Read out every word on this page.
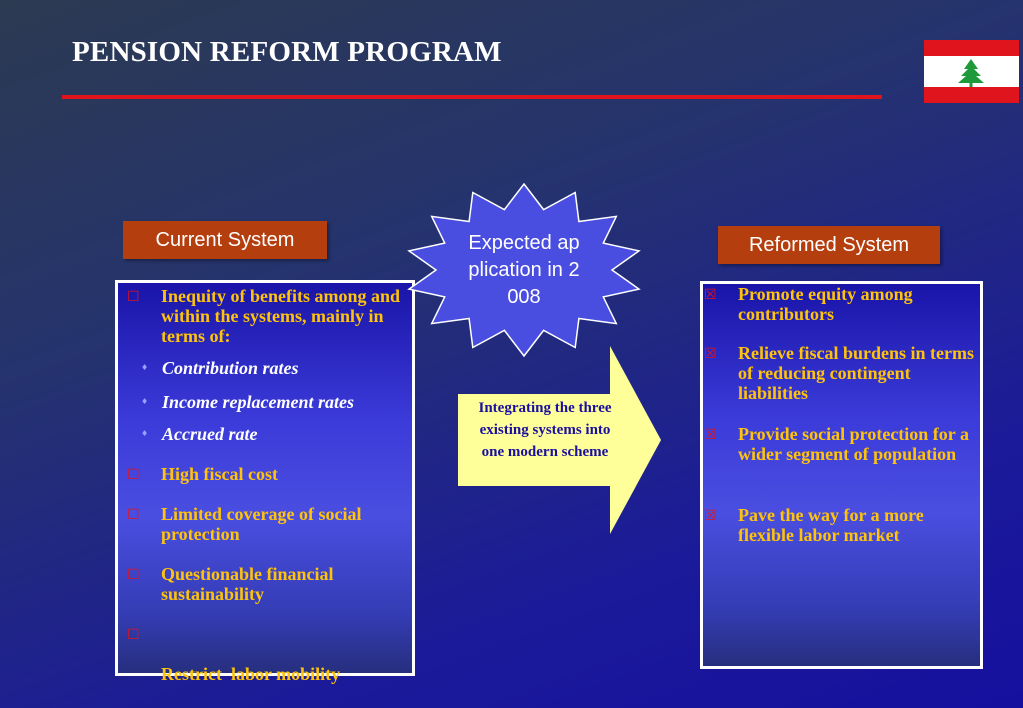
PENSION REFORM PROGRAM
Current System
☐ Inequity of benefits among and within the systems, mainly in terms of:
♦ Contribution rates
♦ Income replacement rates
♦ Accrued rate
☐ High fiscal cost
☐ Limited coverage of social protection
☐ Questionable financial sustainability
☐

Restrict  labor mobility

Expected application in 2008
Integrating the three existing systems into one modern scheme
Reformed System
☒ Promote equity among contributors
☒ Relieve fiscal burdens in terms of reducing contingent liabilities
☒ Provide social protection for a wider segment of population
☒ Pave the way for a more flexible labor market
